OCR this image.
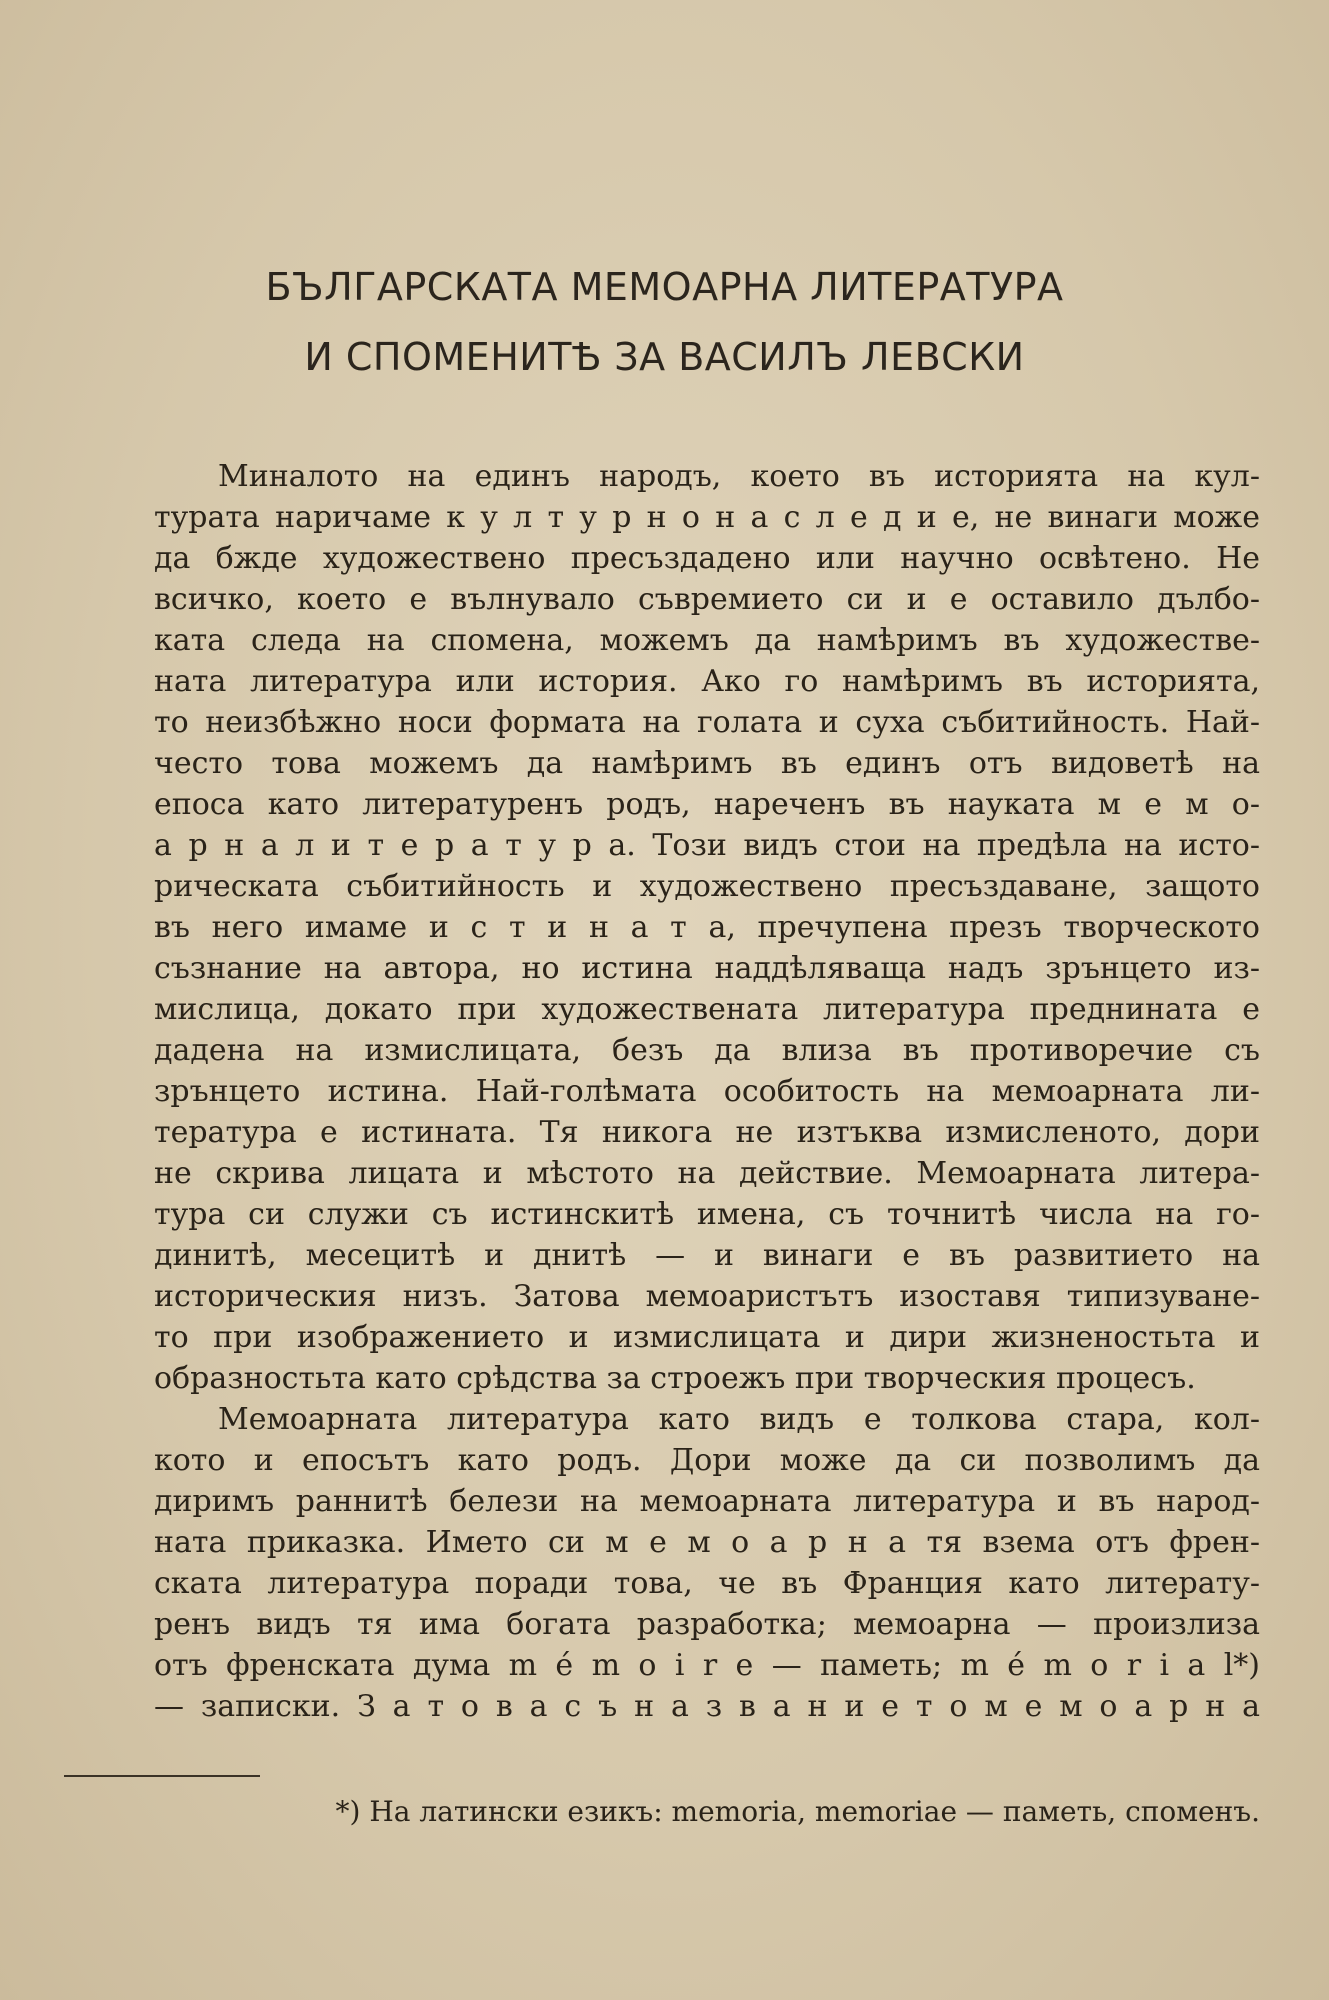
БЪЛГАРСКАТА МЕМОАРНА ЛИТЕРАТУРА
И СПОМЕНИТѢ ЗА ВАСИЛЪ ЛЕВСКИ
Миналото на единъ народъ, което въ историята на кул-
турата наричаме к у л т у р н о н а с л е д и е, не винаги може
да бжде художествено пресъздадено или научно освѣтено. Не
всичко, което е вълнувало съвремието си и е оставило дълбо-
ката следа на спомена, можемъ да намѣримъ въ художестве-
ната литература или история. Ако го намѣримъ въ историята,
то неизбѣжно носи формата на голата и суха събитийность. Най-
често това можемъ да намѣримъ въ единъ отъ видоветѣ на
епоса като литературенъ родъ, нареченъ въ науката м е м о-
а р н а л и т е р а т у р а. Този видъ стои на предѣла на исто-
рическата събитийность и художествено пресъздаване, защото
въ него имаме и с т и н а т а, пречупена презъ творческото
съзнание на автора, но истина наддѣляваща надъ зрънцето из-
мислица, докато при художествената литература преднината е
дадена на измислицата, безъ да влиза въ противоречие съ
зрънцето истина. Най-голѣмата особитость на мемоарната ли-
тература е истината. Тя никога не изтъква измисленото, дори
не скрива лицата и мѣстото на действие. Мемоарната литера-
тура си служи съ истинскитѣ имена, съ точнитѣ числа на го-
динитѣ, месецитѣ и днитѣ — и винаги е въ развитието на
историческия низъ. Затова мемоаристътъ изоставя типизуване-
то при изображението и измислицата и дири жизненостьта и
образностьта като срѣдства за строежъ при творческия процесъ.
Мемоарната литература като видъ е толкова стара, кол-
кото и епосътъ като родъ. Дори може да си позволимъ да
диримъ раннитѣ белези на мемоарната литература и въ народ-
ната приказка. Името си м е м о а р н а тя взема отъ френ-
ската литература поради това, че въ Франция като литерату-
ренъ видъ тя има богата разработка; мемоарна — произлиза
отъ френската дума m é m o i r e — паметь; m é m o r i a l*)
— записки. З а т о в а с ъ н а з в а н и е т о м е м о а р н а
*) На латински езикъ: memoria, memoriae — паметь, споменъ.
